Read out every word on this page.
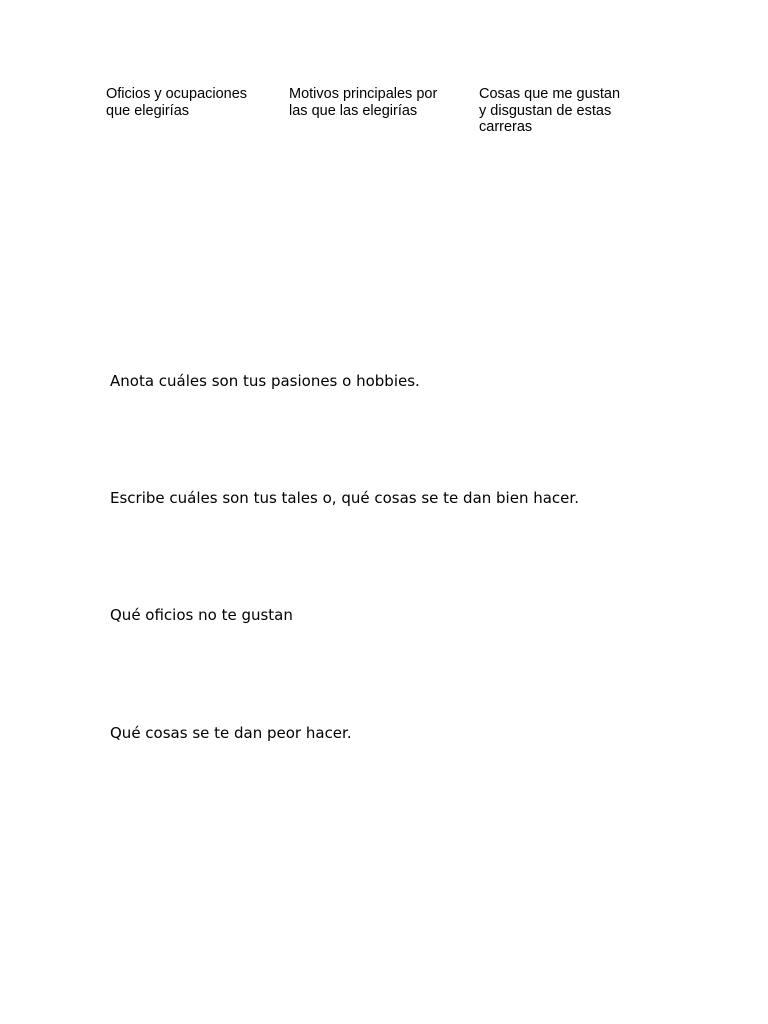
Oficios y ocupaciones
que elegirías
Motivos principales por
las que las elegirías
Cosas que me gustan
y disgustan de estas
carreras
Anota cuáles son tus pasiones o hobbies.
Escribe cuáles son tus tales o, qué cosas se te dan bien hacer.
Qué oficios no te gustan
Qué cosas se te dan peor hacer.
